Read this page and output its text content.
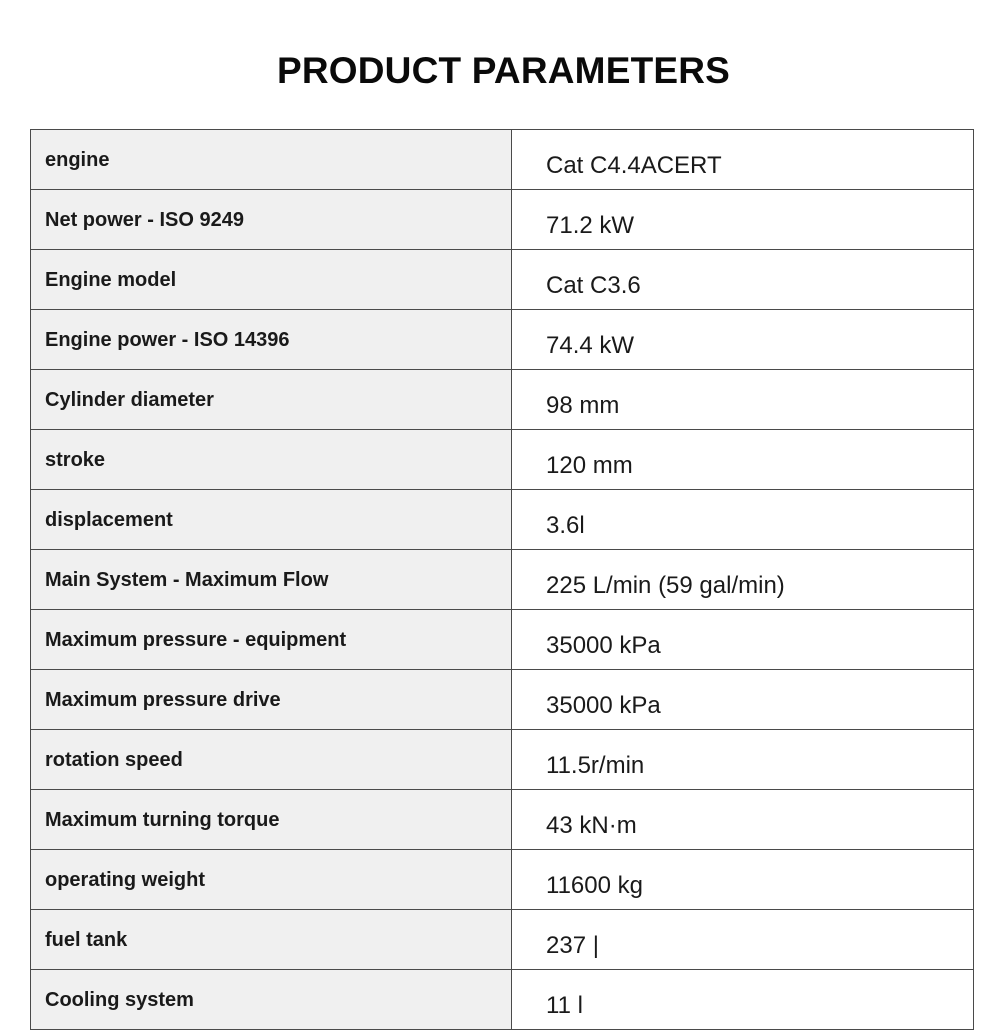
PRODUCT PARAMETERS
engine	Cat C4.4ACERT
Net power - ISO 9249	71.2 kW
Engine model	Cat C3.6
Engine power - ISO 14396	74.4 kW
Cylinder diameter	98 mm
stroke	120 mm
displacement	3.6l
Main System - Maximum Flow	225 L/min (59 gal/min)
Maximum pressure - equipment	35000 kPa
Maximum pressure drive	35000 kPa
rotation speed	11.5r/min
Maximum turning torque	43 kN·m
operating weight	11600 kg
fuel tank	237 |
Cooling system	11 l
